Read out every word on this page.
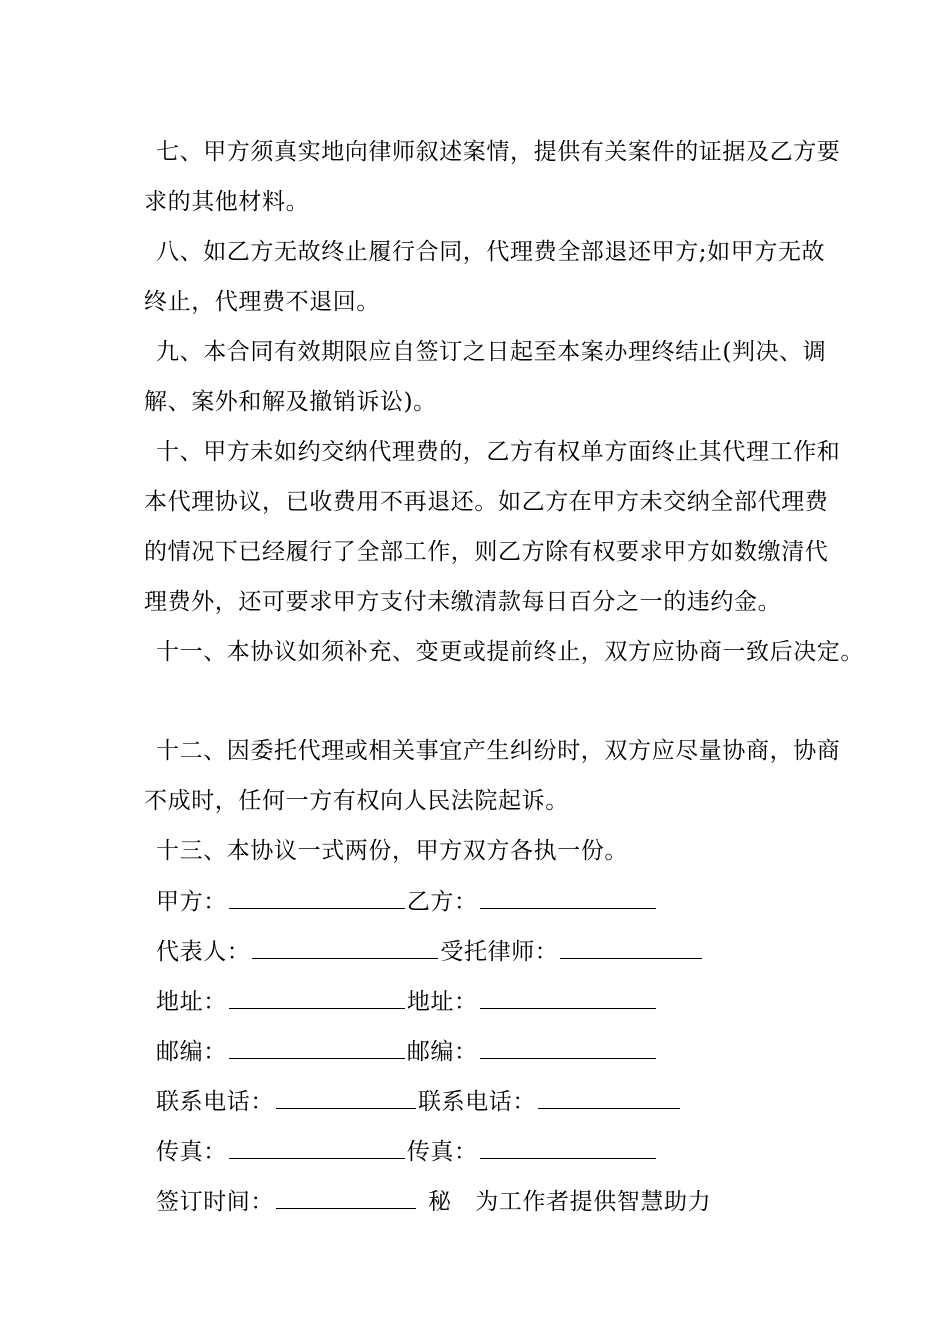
七、甲方须真实地向律师叙述案情，提供有关案件的证据及乙方要
求的其他材料。
八、如乙方无故终止履行合同，代理费全部退还甲方;如甲方无故
终止，代理费不退回。
九、本合同有效期限应自签订之日起至本案办理终结止(判决、调
解、案外和解及撤销诉讼)。
十、甲方未如约交纳代理费的，乙方有权单方面终止其代理工作和
本代理协议，已收费用不再退还。如乙方在甲方未交纳全部代理费
的情况下已经履行了全部工作，则乙方除有权要求甲方如数缴清代
理费外，还可要求甲方支付未缴清款每日百分之一的违约金。
十一、本协议如须补充、变更或提前终止，双方应协商一致后决定。
十二、因委托代理或相关事宜产生纠纷时，双方应尽量协商，协商
不成时，任何一方有权向人民法院起诉。
十三、本协议一式两份，甲方双方各执一份。
甲方：	乙方：
代表人：	受托律师：
地址：	地址：
邮编：	邮编：
联系电话：	联系电话：
传真：	传真：
签订时间：	秘　为工作者提供智慧助力
